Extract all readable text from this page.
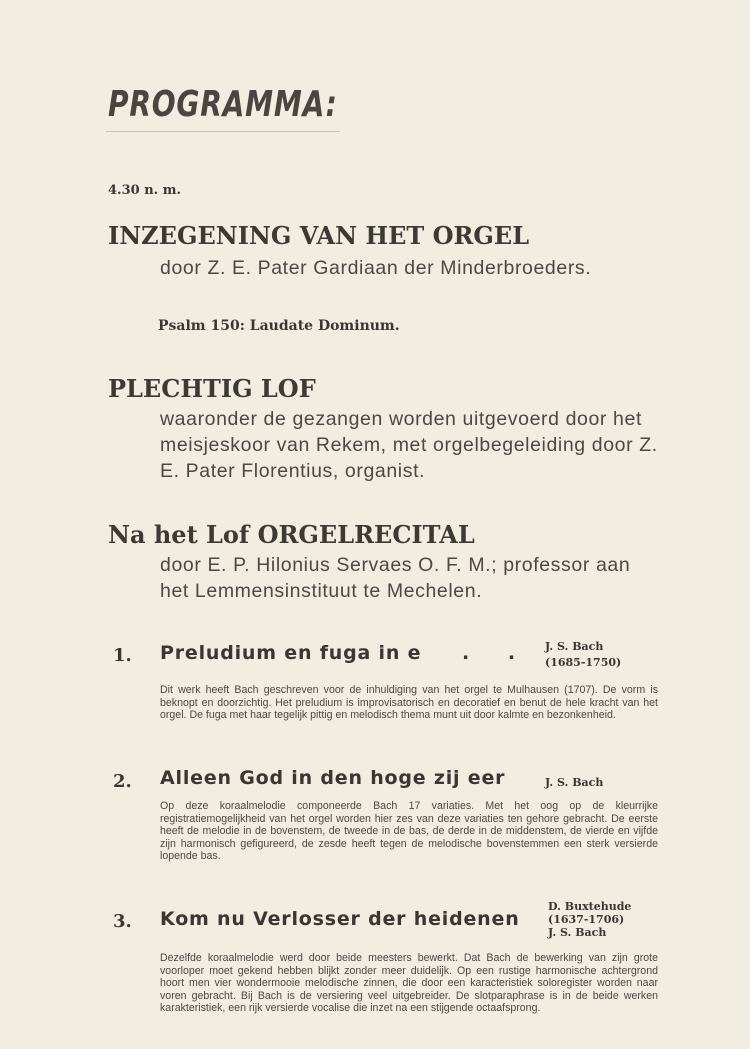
PROGRAMMA:
4.30 n. m.
INZEGENING VAN HET ORGEL
door Z. E. Pater Gardiaan der Minderbroeders.
Psalm 150: Laudate Dominum.
PLECHTIG LOF
waaronder de gezangen worden uitgevoerd door het meisjeskoor van Rekem, met orgelbegeleiding door Z. E. Pater Florentius, organist.
Na het Lof ORGELRECITAL
door E. P. Hilonius Servaes O. F. M.; professor aan het Lemmensinstituut te Mechelen.
1. Preludium en fuga in e . . J. S. Bach
(1685-1750)
Dit werk heeft Bach geschreven voor de inhuldiging van het orgel te Mulhausen (1707). De vorm is beknopt en doorzichtig. Het preludium is improvisatorisch en decoratief en benut de hele kracht van het orgel. De fuga met haar tegelijk pittig en melodisch thema munt uit door kalmte en bezonkenheid.
2. Alleen God in den hoge zij eer	J. S. Bach
Op deze koraalmelodie componeerde Bach 17 variaties. Met het oog op de kleurrijke registratiemogelijkheid van het orgel worden hier zes van deze variaties ten gehore gebracht. De eerste heeft de melodie in de bovenstem, de tweede in de bas, de derde in de middenstem, de vierde en vijfde zijn harmonisch gefigureerd, de zesde heeft tegen de melodische bovenstemmen een sterk versierde lopende bas.
3. Kom nu Verlosser der heidenen
D. Buxtehude
(1637-1706)
J. S. Bach
Dezelfde koraalmelodie werd door beide meesters bewerkt. Dat Bach de bewerking van zijn grote voorloper moet gekend hebben blijkt zonder meer duidelijk. Op een rustige harmonische achtergrond hoort men vier wondermooie melodische zinnen, die door een karacteristiek soloregister worden naar voren gebracht. Bij Bach is de versiering veel uitgebreider. De slotparaphrase is in de beide werken karakteristiek, een rijk versierde vocalise die inzet na een stijgende octaafsprong.
